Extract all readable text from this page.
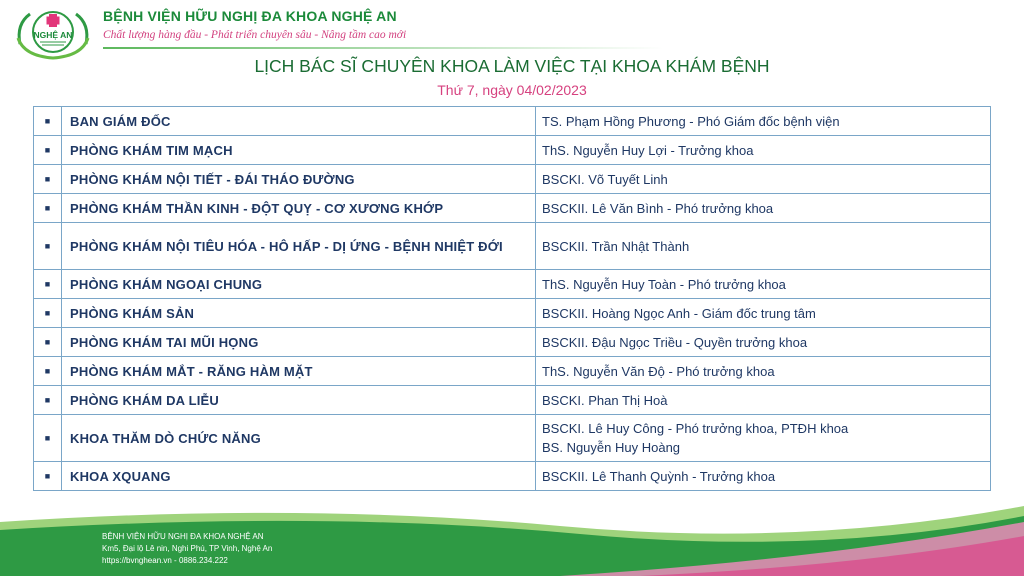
NGHỆ AN
BỆNH VIỆN HỮU NGHỊ ĐA KHOA NGHỆ AN
Chất lượng hàng đầu - Phát triển chuyên sâu - Nâng tầm cao mới
LỊCH BÁC SĨ CHUYÊN KHOA LÀM VIỆC TẠI KHOA KHÁM BỆNH
Thứ 7, ngày 04/02/2023
■	BAN GIÁM ĐỐC	TS. Phạm Hồng Phương - Phó Giám đốc bệnh viện

■	PHÒNG KHÁM TIM MẠCH	ThS. Nguyễn Huy Lợi - Trưởng khoa

■	PHÒNG KHÁM NỘI TIẾT - ĐÁI THÁO ĐƯỜNG	BSCKI. Võ Tuyết Linh

■	PHÒNG KHÁM THẦN KINH - ĐỘT QUỴ - CƠ XƯƠNG KHỚP	BSCKII. Lê Văn Bình - Phó trưởng khoa

■	PHÒNG KHÁM NỘI TIÊU HÓA - HÔ HẤP - DỊ ỨNG - BỆNH NHIỆT ĐỚI	BSCKII. Trần Nhật Thành

■	PHÒNG KHÁM NGOẠI CHUNG	ThS. Nguyễn Huy Toàn - Phó trưởng khoa

■	PHÒNG KHÁM SẢN	BSCKII. Hoàng Ngọc Anh - Giám đốc trung tâm

■	PHÒNG KHÁM TAI MŨI HỌNG	BSCKII. Đậu Ngọc Triều - Quyền trưởng khoa

■	PHÒNG KHÁM MẮT - RĂNG HÀM MẶT	ThS. Nguyễn Văn Độ - Phó trưởng khoa

■	PHÒNG KHÁM DA LIỄU	BSCKI. Phan Thị Hoà

■	KHOA THĂM DÒ CHỨC NĂNG	BSCKI. Lê Huy Công - Phó trưởng khoa, PTĐH khoa
BS. Nguyễn Huy Hoàng

■	KHOA XQUANG	BSCKII. Lê Thanh Quỳnh - Trưởng khoa
BỆNH VIỆN HỮU NGHỊ ĐA KHOA NGHỆ AN
Km5, Đại lộ Lê nin, Nghi Phú, TP Vinh, Nghệ An
https://bvnghean.vn - 0886.234.222
